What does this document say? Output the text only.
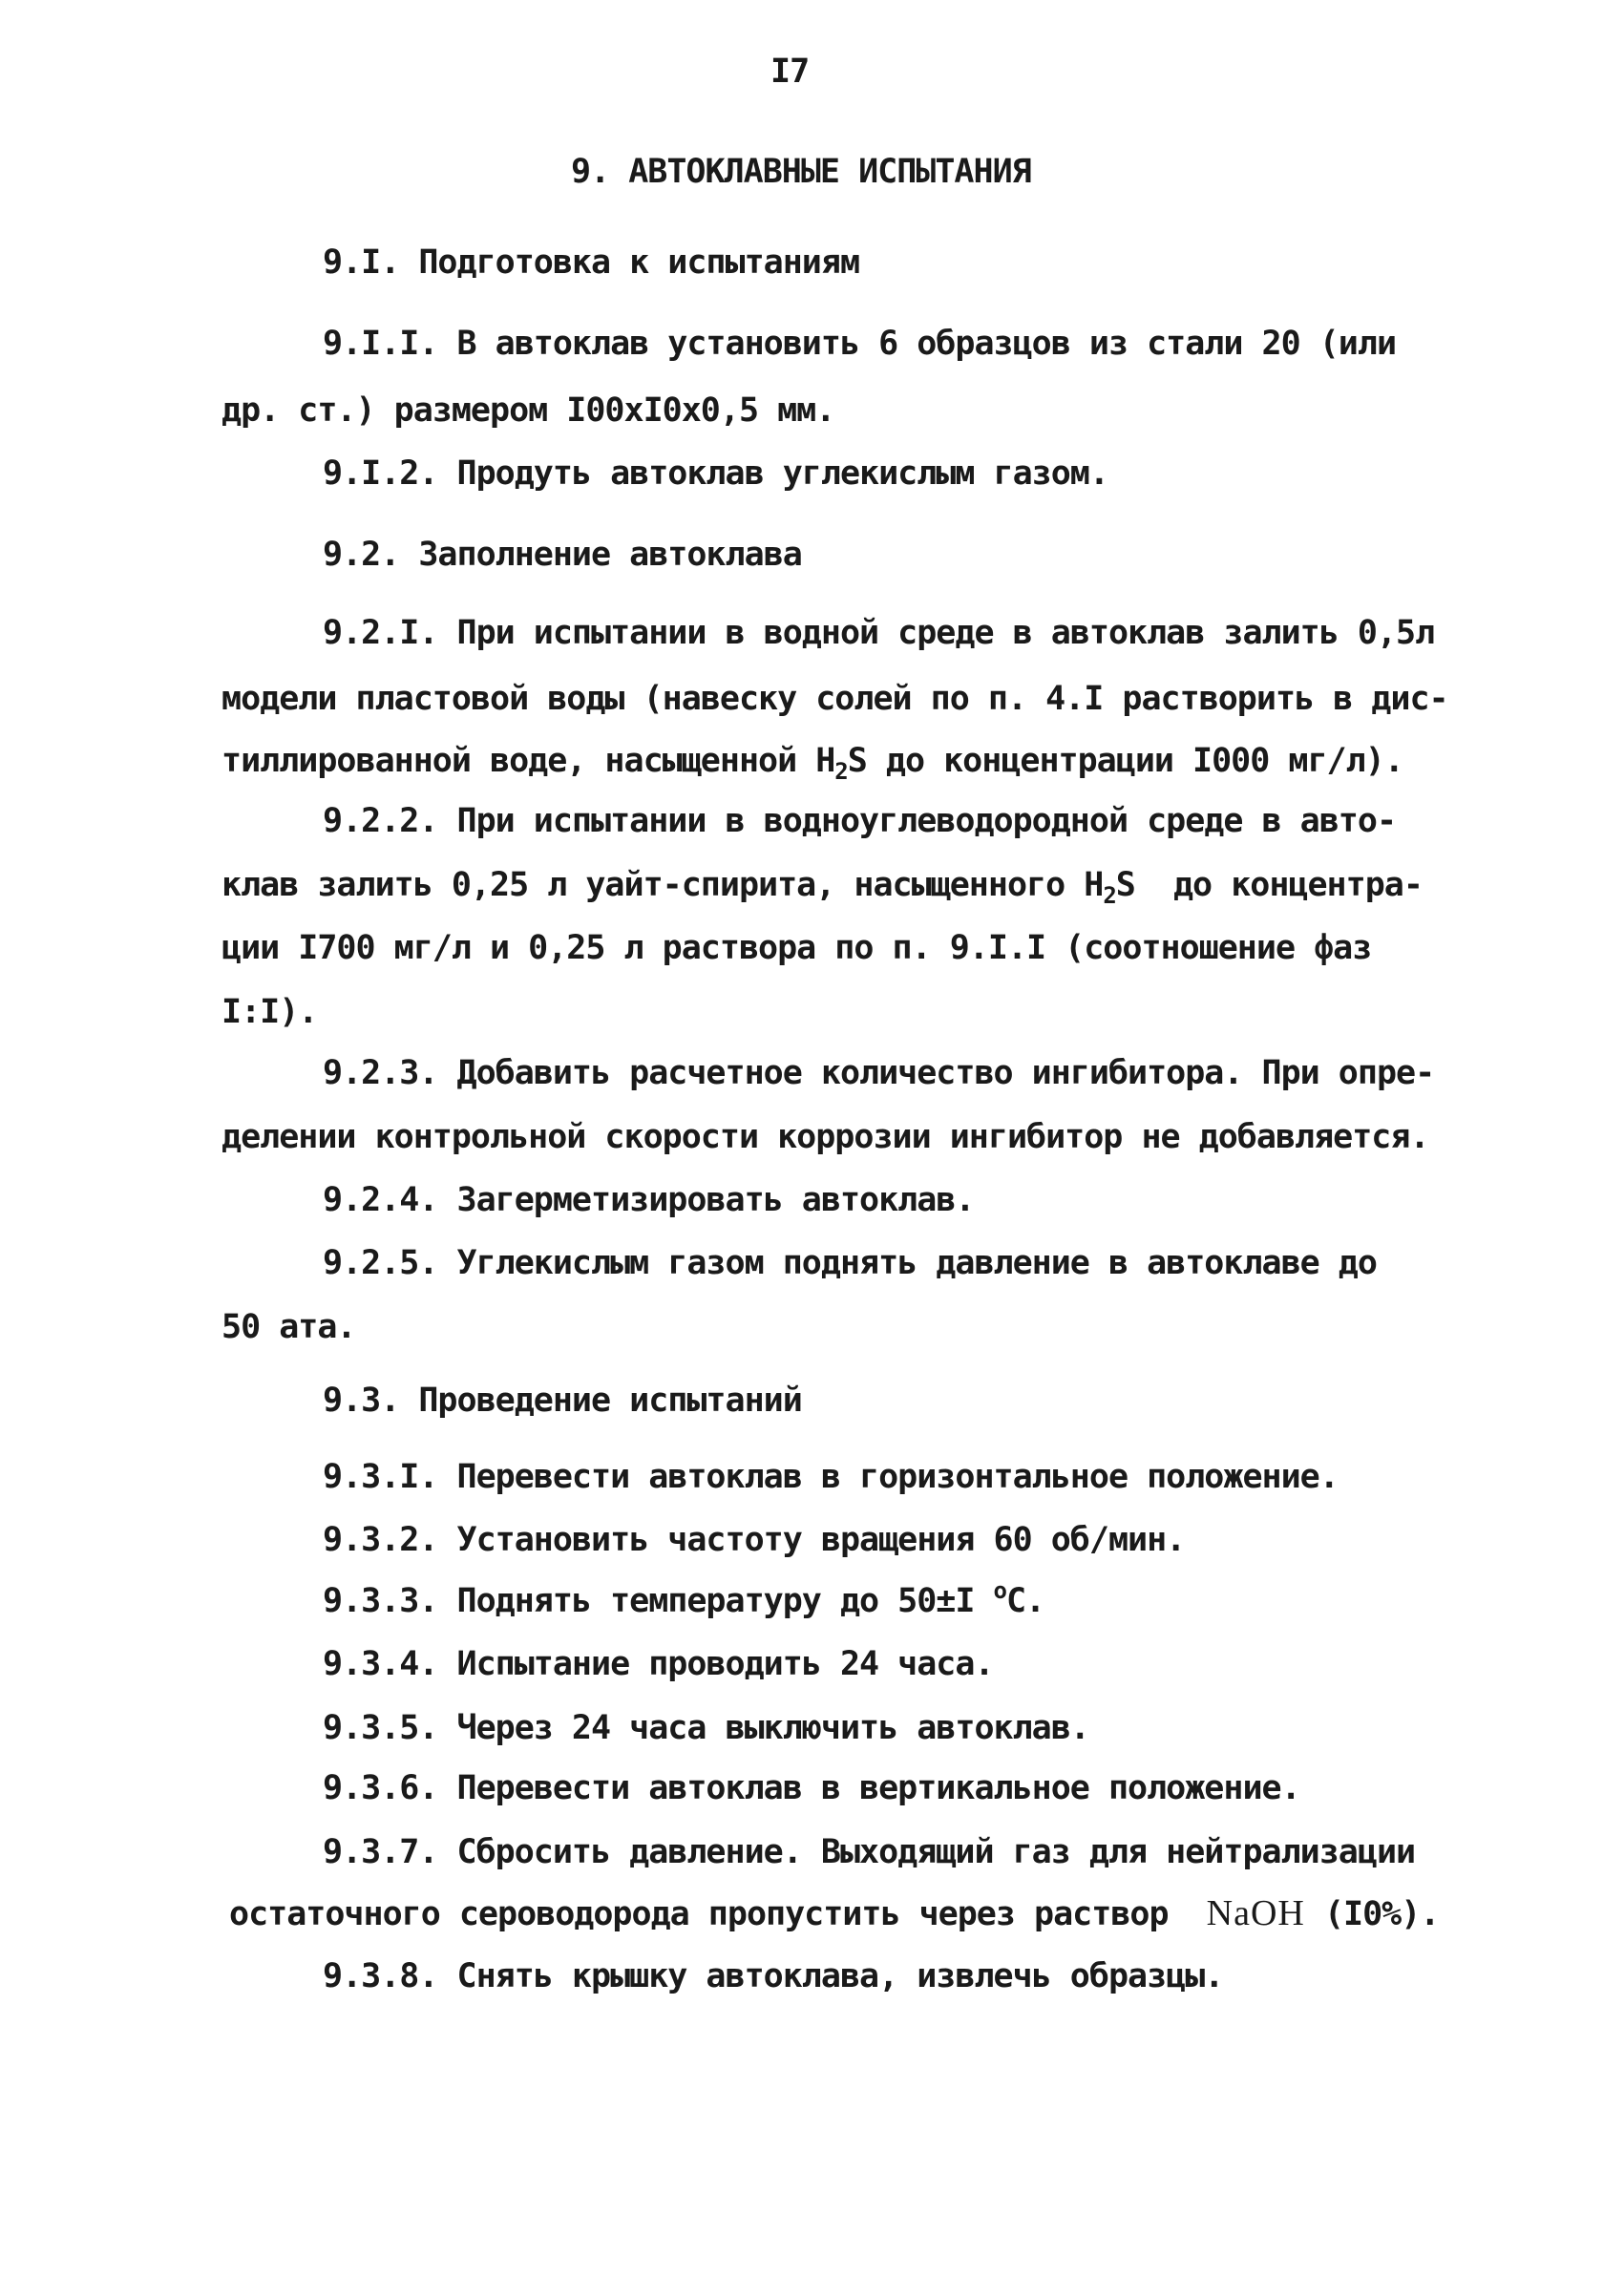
I7
9. АВТОКЛАВНЫЕ ИСПЫТАНИЯ
9.I. Подготовка к испытаниям
9.I.I. В автоклав установить 6 образцов из стали 20 (или
др. ст.) размером I00xI0x0,5 мм.
9.I.2. Продуть автоклав углекислым газом.
9.2. Заполнение автоклава
9.2.I. При испытании в водной среде в автоклав залить 0,5л
модели пластовой воды (навеску солей по п. 4.I растворить в дис-
тиллированной воде, насыщенной $H_2S$ до концентрации I000 мг/л).
9.2.2. При испытании в водноуглеводородной среде в авто-
клав залить 0,25 л уайт-спирита, насыщенного $H_2S$  до концентра-
ции I700 мг/л и 0,25 л раствора по п. 9.I.I (соотношение фаз
I:I).
9.2.3. Добавить расчетное количество ингибитора. При опре-
делении контрольной скорости коррозии ингибитор не добавляется.
9.2.4. Загерметизировать автоклав.
9.2.5. Углекислым газом поднять давление в автоклаве до
50 ата.
9.3. Проведение испытаний
9.3.I. Перевести автоклав в горизонтальное положение.
9.3.2. Установить частоту вращения 60 об/мин.
9.3.3. Поднять температуру до 50±I $^o$C.
9.3.4. Испытание проводить 24 часа.
9.3.5. Через 24 часа выключить автоклав.
9.3.6. Перевести автоклав в вертикальное положение.
9.3.7. Сбросить давление. Выходящий газ для нейтрализации
остаточного сероводорода пропустить через раствор  NaOH (I0%).
9.3.8. Снять крышку автоклава, извлечь образцы.
